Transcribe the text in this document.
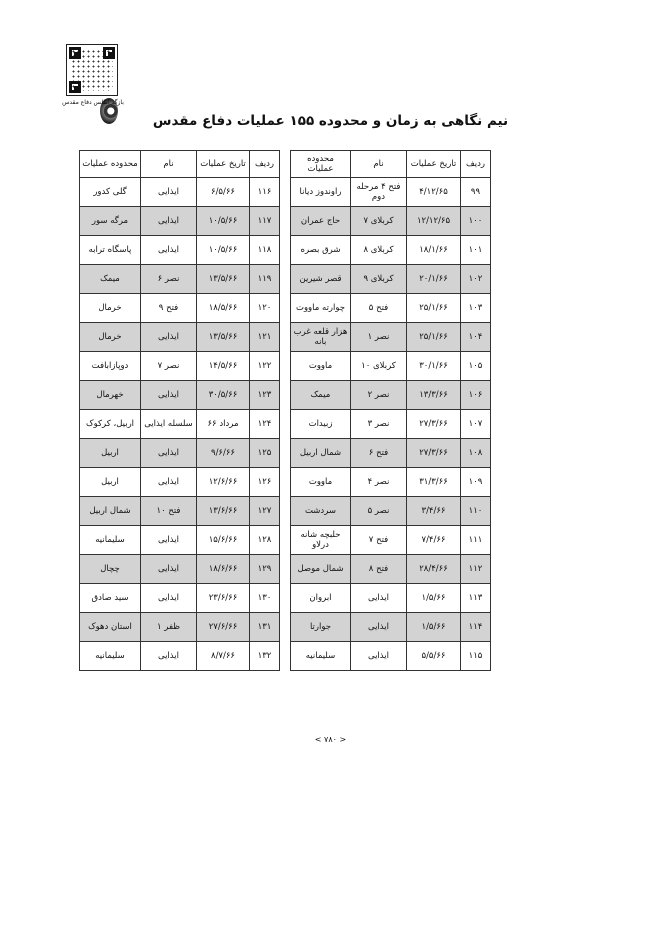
بازگد اطلس دفاع مقدس
نیم نگاهی به زمان و محدوده ۱۵۵ عملیات دفاع مقدس
ردیف	تاریخ عملیات	نام	محدوده عملیات
۹۹	۴/۱۲/۶۵	فتح ۴ مرحله دوم	راوندوز دیانا
۱۰۰	۱۲/۱۲/۶۵	کربلای ۷	حاج عمران
۱۰۱	۱۸/۱/۶۶	کربلای ۸	شرق بصره
۱۰۲	۲۰/۱/۶۶	کربلای ۹	قصر شیرین
۱۰۳	۲۵/۱/۶۶	فتح ۵	چوارته ماووت
۱۰۴	۲۵/۱/۶۶	نصر ۱	هزار قلعه غرب بانه
۱۰۵	۳۰/۱/۶۶	کربلای ۱۰	ماووت
۱۰۶	۱۳/۳/۶۶	نصر ۲	میمک
۱۰۷	۲۷/۳/۶۶	نصر ۳	زبیدات
۱۰۸	۲۷/۳/۶۶	فتح ۶	شمال اربیل
۱۰۹	۳۱/۳/۶۶	نصر ۴	ماووت
۱۱۰	۳/۴/۶۶	نصر ۵	سردشت
۱۱۱	۷/۴/۶۶	فتح ۷	حلبچه شانه درلاو
۱۱۲	۲۸/۴/۶۶	فتح ۸	شمال موصل
۱۱۳	۱/۵/۶۶	ایذایی	ابروان
۱۱۴	۱/۵/۶۶	ایذایی	جوارتا
۱۱۵	۵/۵/۶۶	ایذایی	سلیمانیه
ردیف	تاریخ عملیات	نام	محدوده عملیات
۱۱۶	۶/۵/۶۶	ایذایی	گلی کدور
۱۱۷	۱۰/۵/۶۶	ایذایی	مرگه سور
۱۱۸	۱۰/۵/۶۶	ایذایی	پاسگاه ترابه
۱۱۹	۱۳/۵/۶۶	نصر ۶	میمک
۱۲۰	۱۸/۵/۶۶	فتح ۹	خرمال
۱۲۱	۱۳/۵/۶۶	ایذایی	خرمال
۱۲۲	۱۴/۵/۶۶	نصر ۷	دوپازابافت
۱۲۳	۳۰/۵/۶۶	ایذایی	خهرمال
۱۲۴	مرداد ۶۶	سلسله ایذایی	اربیل، کرکوک
۱۲۵	۹/۶/۶۶	ایذایی	اربیل
۱۲۶	۱۲/۶/۶۶	ایذایی	اربیل
۱۲۷	۱۳/۶/۶۶	فتح ۱۰	شمال اربیل
۱۲۸	۱۵/۶/۶۶	ایذایی	سلیمانیه
۱۲۹	۱۸/۶/۶۶	ایذایی	چچال
۱۳۰	۲۳/۶/۶۶	ایذایی	سید صادق
۱۳۱	۲۷/۶/۶۶	ظفر ۱	استان دهوک
۱۳۲	۸/۷/۶۶	ایذایی	سلیمانیه
< ۷۸۰ >
